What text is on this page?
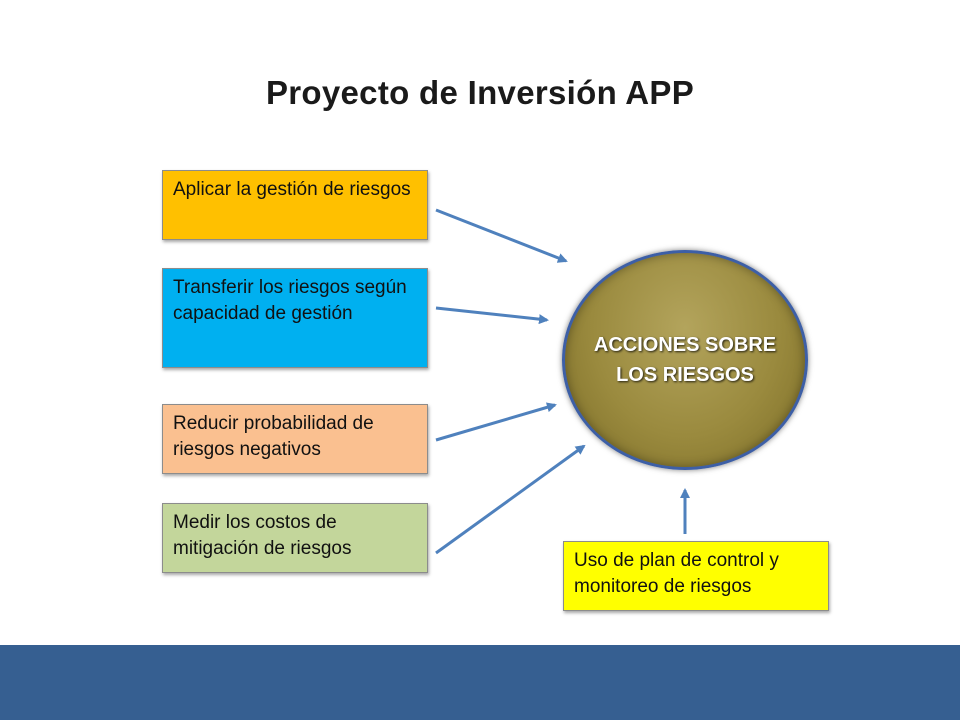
Proyecto de Inversión APP
Aplicar la gestión de riesgos
Transferir los riesgos según capacidad de gestión
Reducir probabilidad de riesgos negativos
Medir los costos de mitigación de riesgos
Uso de plan de control y monitoreo de riesgos
ACCIONES SOBRE LOS RIESGOS
